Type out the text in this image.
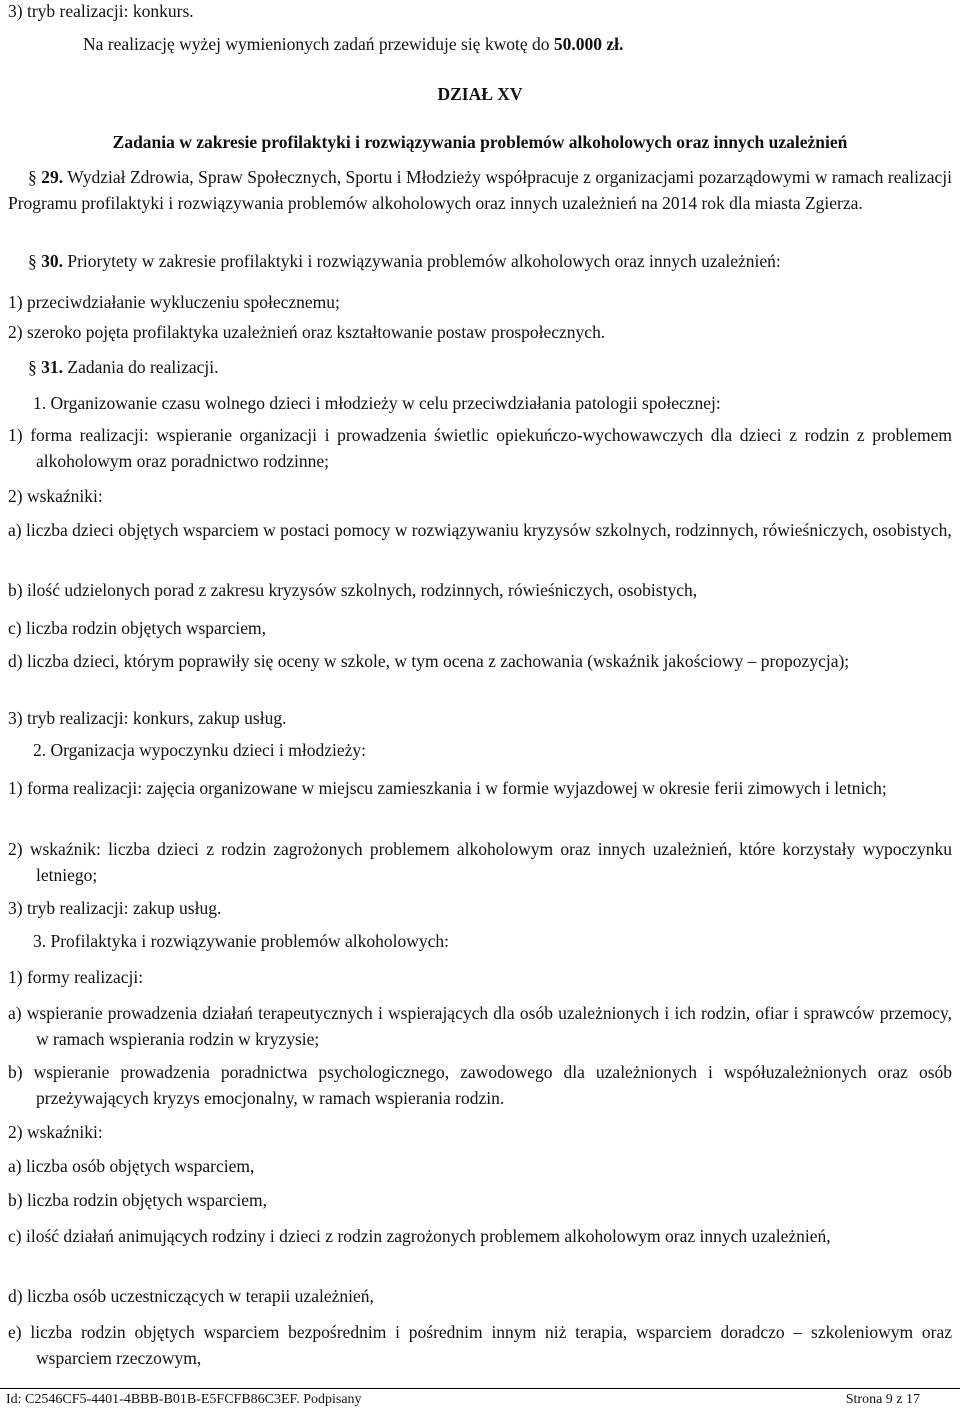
3) tryb realizacji: konkurs.
Na realizację wyżej wymienionych zadań przewiduje się kwotę do 50.000 zł.
DZIAŁ XV
Zadania w zakresie profilaktyki i rozwiązywania problemów alkoholowych oraz innych uzależnień
§ 29. Wydział Zdrowia, Spraw Społecznych, Sportu i Młodzieży współpracuje z organizacjami pozarządowymi w ramach realizacji Programu profilaktyki i rozwiązywania problemów alkoholowych oraz innych uzależnień na 2014 rok dla miasta Zgierza.
§ 30. Priorytety w zakresie profilaktyki i rozwiązywania problemów alkoholowych oraz innych uzależnień:
1) przeciwdziałanie wykluczeniu społecznemu;
2) szeroko pojęta profilaktyka uzależnień oraz kształtowanie postaw prospołecznych.
§ 31. Zadania do realizacji.
1. Organizowanie czasu wolnego dzieci i młodzieży w celu przeciwdziałania patologii społecznej:
1) forma realizacji: wspieranie organizacji i prowadzenia świetlic opiekuńczo-wychowawczych dla dzieci z rodzin z problemem alkoholowym oraz poradnictwo rodzinne;
2) wskaźniki:
a) liczba dzieci objętych wsparciem w postaci pomocy w rozwiązywaniu kryzysów szkolnych, rodzinnych, rówieśniczych, osobistych,
b) ilość udzielonych porad z zakresu kryzysów szkolnych, rodzinnych, rówieśniczych, osobistych,
c) liczba rodzin objętych wsparciem,
d) liczba dzieci, którym poprawiły się oceny w szkole, w tym ocena z zachowania (wskaźnik jakościowy – propozycja);
3) tryb realizacji: konkurs, zakup usług.
2. Organizacja wypoczynku dzieci i młodzieży:
1) forma realizacji: zajęcia organizowane w miejscu zamieszkania i w formie wyjazdowej w okresie ferii zimowych i letnich;
2) wskaźnik: liczba dzieci z rodzin zagrożonych problemem alkoholowym oraz innych uzależnień, które korzystały wypoczynku letniego;
3) tryb realizacji: zakup usług.
3. Profilaktyka i rozwiązywanie problemów alkoholowych:
1) formy realizacji:
a) wspieranie prowadzenia działań terapeutycznych i wspierających dla osób uzależnionych i ich rodzin, ofiar i sprawców przemocy, w ramach wspierania rodzin w kryzysie;
b) wspieranie prowadzenia poradnictwa psychologicznego, zawodowego dla uzależnionych i współuzależnionych oraz osób przeżywających kryzys emocjonalny, w ramach wspierania rodzin.
2) wskaźniki:
a) liczba osób objętych wsparciem,
b) liczba rodzin objętych wsparciem,
c) ilość działań animujących rodziny i dzieci z rodzin zagrożonych problemem alkoholowym oraz innych uzależnień,
d) liczba osób uczestniczących w terapii uzależnień,
e) liczba rodzin objętych wsparciem bezpośrednim i pośrednim innym niż terapia, wsparciem doradczo – szkoleniowym oraz wsparciem rzeczowym,
Id: C2546CF5-4401-4BBB-B01B-E5FCFB86C3EF. Podpisany	Strona 9 z 17
